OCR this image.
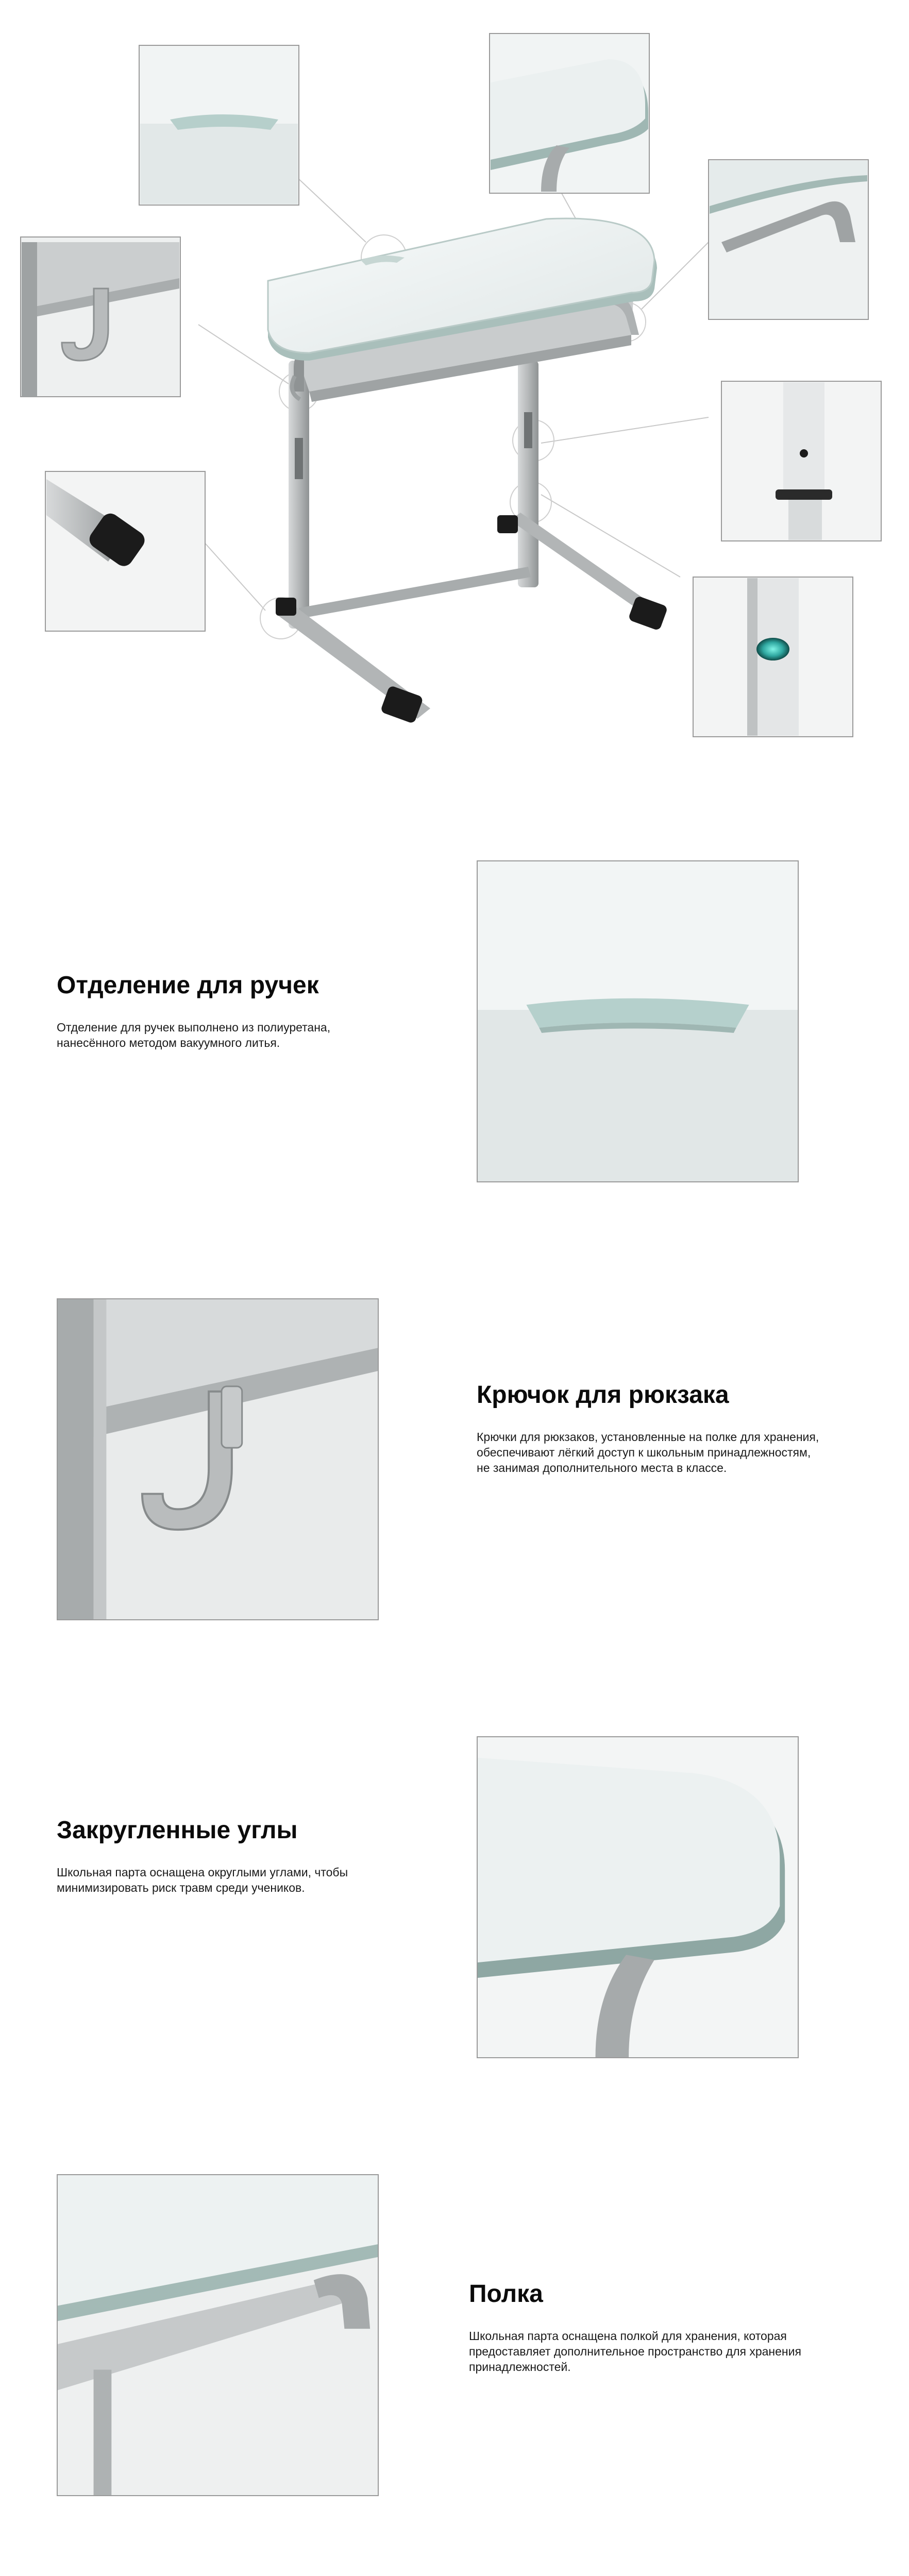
Отделение для ручек

Отделение для ручек выполнено из полиуретана, нанесённого методом вакуумного литья.

Крючок для рюкзака

Крючки для рюкзаков, установленные на полке для хранения, обеспечивают лёгкий доступ к школьным принадлежностям, не занимая дополнительного места в классе.

Закругленные углы

Школьная парта оснащена округлыми углами, чтобы минимизировать риск травм среди учеников.

Полка

Школьная парта оснащена полкой для хранения, которая предоставляет дополнительное пространство для хранения принадлежностей.
